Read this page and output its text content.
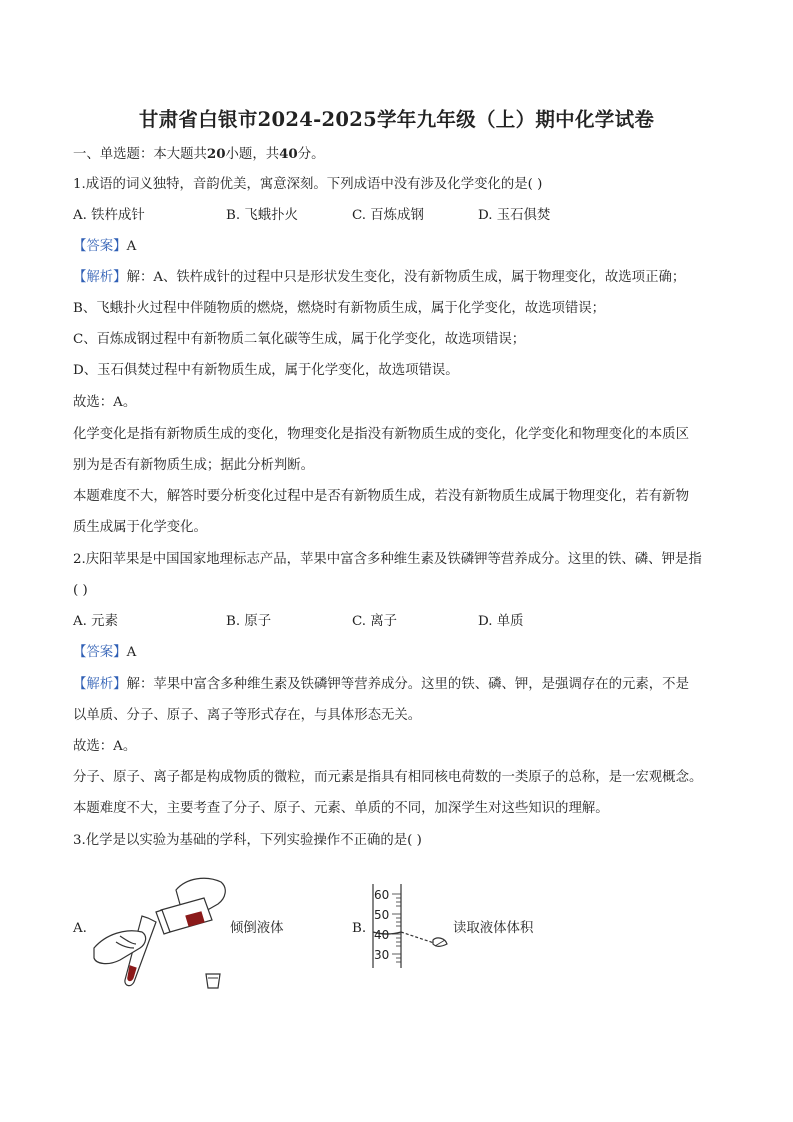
甘肃省白银市2024-2025学年九年级（上）期中化学试卷
一、单选题：本大题共20小题，共40分。
1.成语的词义独特，音韵优美，寓意深刻。下列成语中没有涉及化学变化的是( )
A. 铁杵成针	B. 飞蛾扑火	C. 百炼成钢	D. 玉石俱焚
【答案】A
【解析】解：A、铁杵成针的过程中只是形状发生变化，没有新物质生成，属于物理变化，故选项正确；
B、飞蛾扑火过程中伴随物质的燃烧，燃烧时有新物质生成，属于化学变化，故选项错误；
C、百炼成钢过程中有新物质二氧化碳等生成，属于化学变化，故选项错误；
D、玉石俱焚过程中有新物质生成，属于化学变化，故选项错误。
故选：A。
化学变化是指有新物质生成的变化，物理变化是指没有新物质生成的变化，化学变化和物理变化的本质区
别为是否有新物质生成；据此分析判断。
本题难度不大，解答时要分析变化过程中是否有新物质生成，若没有新物质生成属于物理变化，若有新物
质生成属于化学变化。
2.庆阳苹果是中国国家地理标志产品，苹果中富含多种维生素及铁磷钾等营养成分。这里的铁、磷、钾是指
( )
A. 元素	B. 原子	C. 离子	D. 单质
【答案】A
【解析】解：苹果中富含多种维生素及铁磷钾等营养成分。这里的铁、磷、钾，是强调存在的元素，不是
以单质、分子、原子、离子等形式存在，与具体形态无关。
故选：A。
分子、原子、离子都是构成物质的微粒，而元素是指具有相同核电荷数的一类原子的总称，是一宏观概念。
本题难度不大，主要考查了分子、原子、元素、单质的不同，加深学生对这些知识的理解。
3.化学是以实验为基础的学科，下列实验操作不正确的是( )
A.	倾倒液体	B.
60
50
40
30
读取液体体积
